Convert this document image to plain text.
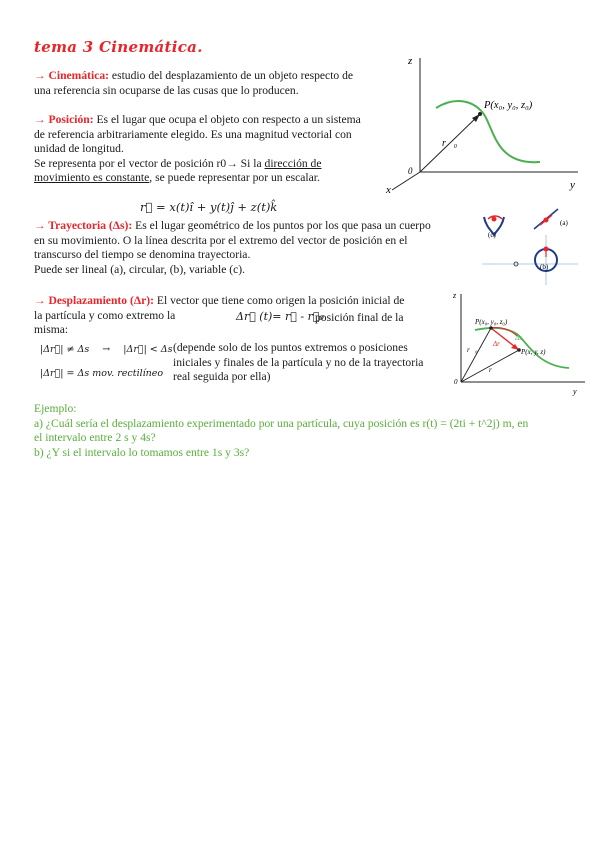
tema 3 Cinemática.
→ Cinemática: estudio del desplazamiento de un objeto respecto de
una referencia sin ocuparse de las cusas que lo producen.
→ Posición: Es el lugar que ocupa el objeto con respecto a un sistema
de referencia arbitrariamente elegido. Es una magnitud vectorial con
unidad de longitud.
Se representa por el vector de posición r0→ Si la dirección de
movimiento es constante, se puede representar por un escalar.
r⃗ = x(t)î + y(t)ĵ + z(t)k̂
→ Trayectoria (Δs): Es el lugar geométrico de los puntos por los que pasa un cuerpo
en su movimiento. O la línea descrita por el extremo del vector de posición en el
transcurso del tiempo se denomina trayectoria.
Puede ser lineal (a), circular, (b), variable (c).
→ Desplazamiento (Δr): El vector que tiene como origen la posición inicial de
la partícula y como extremo la
misma:
Δr⃗ (t)= r⃗ - r⃗₀
posición final de la
|Δr⃗| ≠ Δs → |Δr⃗| < Δs
|Δr⃗| = Δs mov. rectilíneo
(depende solo de los puntos extremos o posiciones
iniciales y finales de la partícula y no de la trayectoria
real seguida por ella)
Ejemplo:
a) ¿Cuál sería el desplazamiento experimentado por una partícula, cuya posición es r(t) = (2ti + t^2j) m, en
el intervalo entre 2 s y 4s?
b) ¿Y si el intervalo lo tomamos entre 1s y 3s?
z
y
x
0
r⃗₀
P(x₀, y₀, z₀)
(c)
(a)
(b)
z
y
0
P(x₀, y₀, z₀)
P(x, y, z)
r⃗₀
r⃗
Δr⃗
Δs
